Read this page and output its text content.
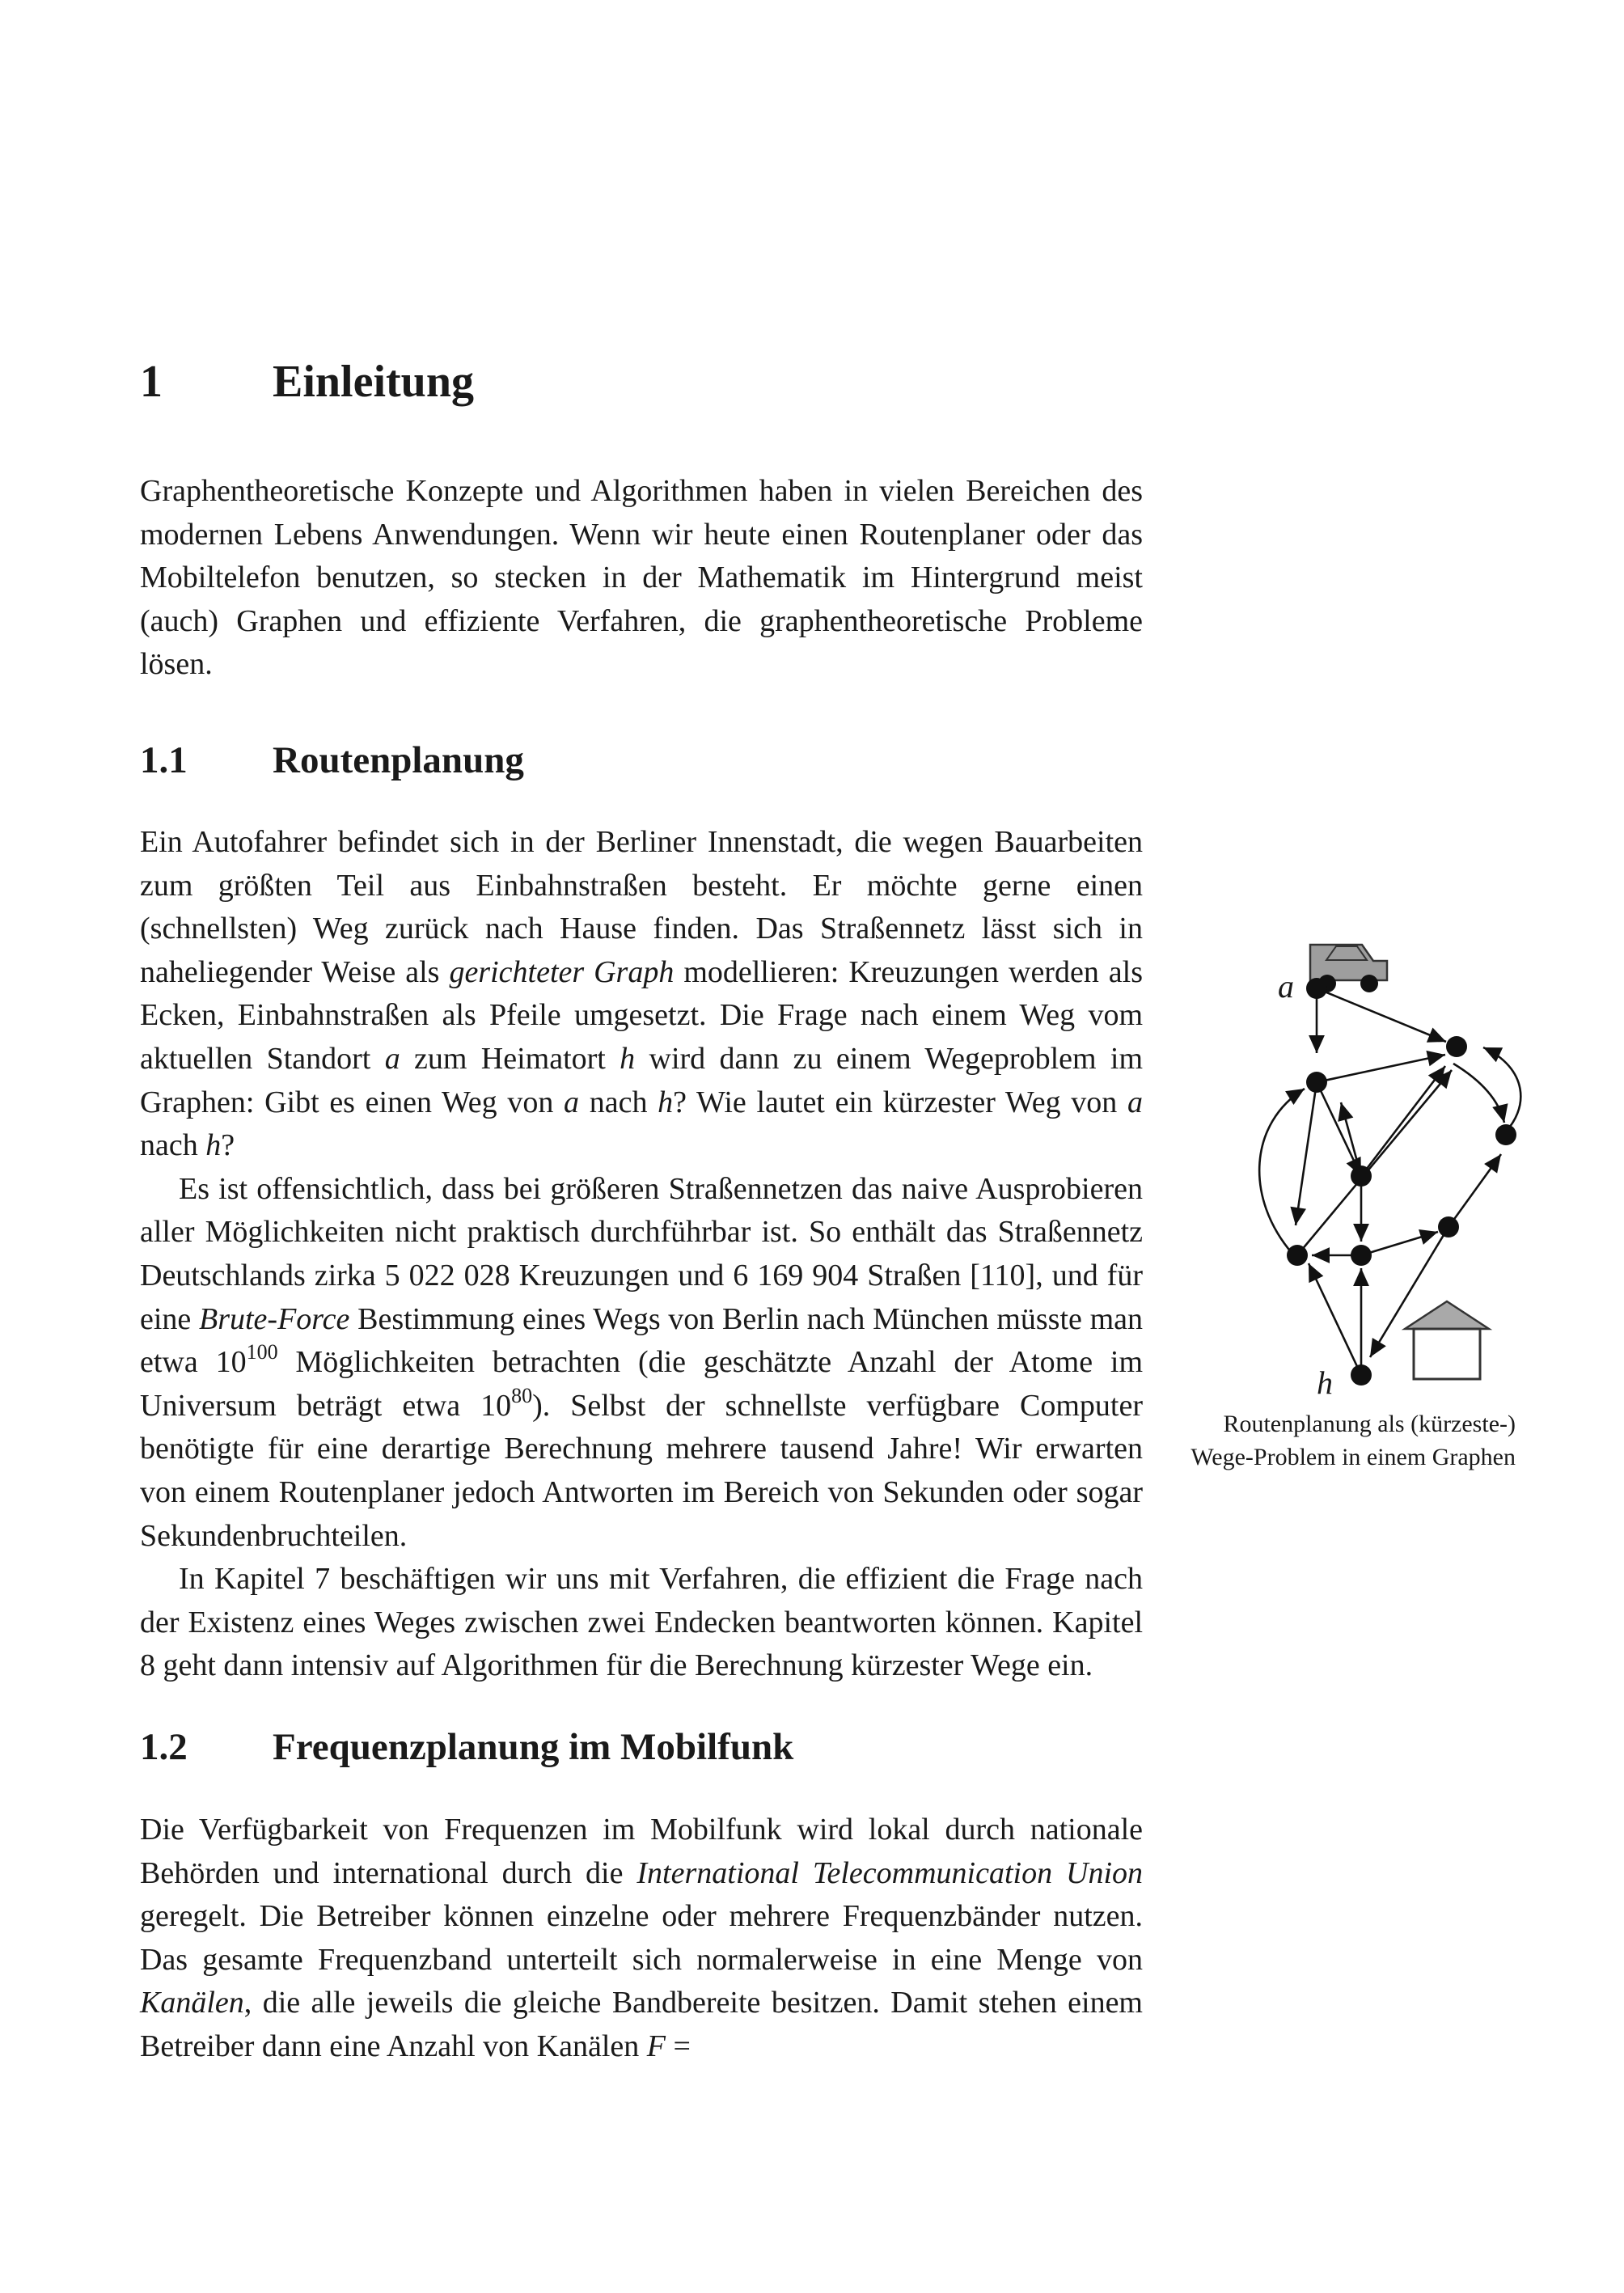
1 Einleitung

Graphentheoretische Konzepte und Algorithmen haben in vielen Bereichen des modernen Lebens Anwendungen. Wenn wir heute einen Routenplaner oder das Mobiltelefon benutzen, so stecken in der Mathematik im Hintergrund meist (auch) Graphen und effiziente Verfahren, die graphentheoretische Probleme lösen.

1.1 Routenplanung

Ein Autofahrer befindet sich in der Berliner Innenstadt, die wegen Bauarbeiten zum größten Teil aus Einbahnstraßen besteht. Er möchte gerne einen (schnellsten) Weg zurück nach Hause finden. Das Straßennetz lässt sich in naheliegender Weise als gerichteter Graph modellieren: Kreuzungen werden als Ecken, Einbahnstraßen als Pfeile umgesetzt. Die Frage nach einem Weg vom aktuellen Standort a zum Heimatort h wird dann zu einem Wegeproblem im Graphen: Gibt es einen Weg von a nach h? Wie lautet ein kürzester Weg von a nach h?

Es ist offensichtlich, dass bei größeren Straßennetzen das naive Ausprobieren aller Möglichkeiten nicht praktisch durchführbar ist. So enthält das Straßennetz Deutschlands zirka 5 022 028 Kreuzungen und 6 169 904 Straßen [110], und für eine Brute-Force Bestimmung eines Wegs von Berlin nach München müsste man etwa $10^{100}$ Möglichkeiten betrachten (die geschätzte Anzahl der Atome im Universum beträgt etwa $10^{80}$). Selbst der schnellste verfügbare Computer benötigte für eine derartige Berechnung mehrere tausend Jahre! Wir erwarten von einem Routenplaner jedoch Antworten im Bereich von Sekunden oder sogar Sekundenbruchteilen.

In Kapitel 7 beschäftigen wir uns mit Verfahren, die effizient die Frage nach der Existenz eines Weges zwischen zwei Endecken beantworten können. Kapitel 8 geht dann intensiv auf Algorithmen für die Berechnung kürzester Wege ein.

a
h

Routenplanung als (kürzeste-) Wege-Problem in einem Graphen

1.2 Frequenzplanung im Mobilfunk

Die Verfügbarkeit von Frequenzen im Mobilfunk wird lokal durch nationale Behörden und international durch die International Telecommunication Union geregelt. Die Betreiber können einzelne oder mehrere Frequenzbänder nutzen. Das gesamte Frequenzband unterteilt sich normalerweise in eine Menge von Kanälen, die alle jeweils die gleiche Bandbereite besitzen. Damit stehen einem Betreiber dann eine Anzahl von Kanälen F =
